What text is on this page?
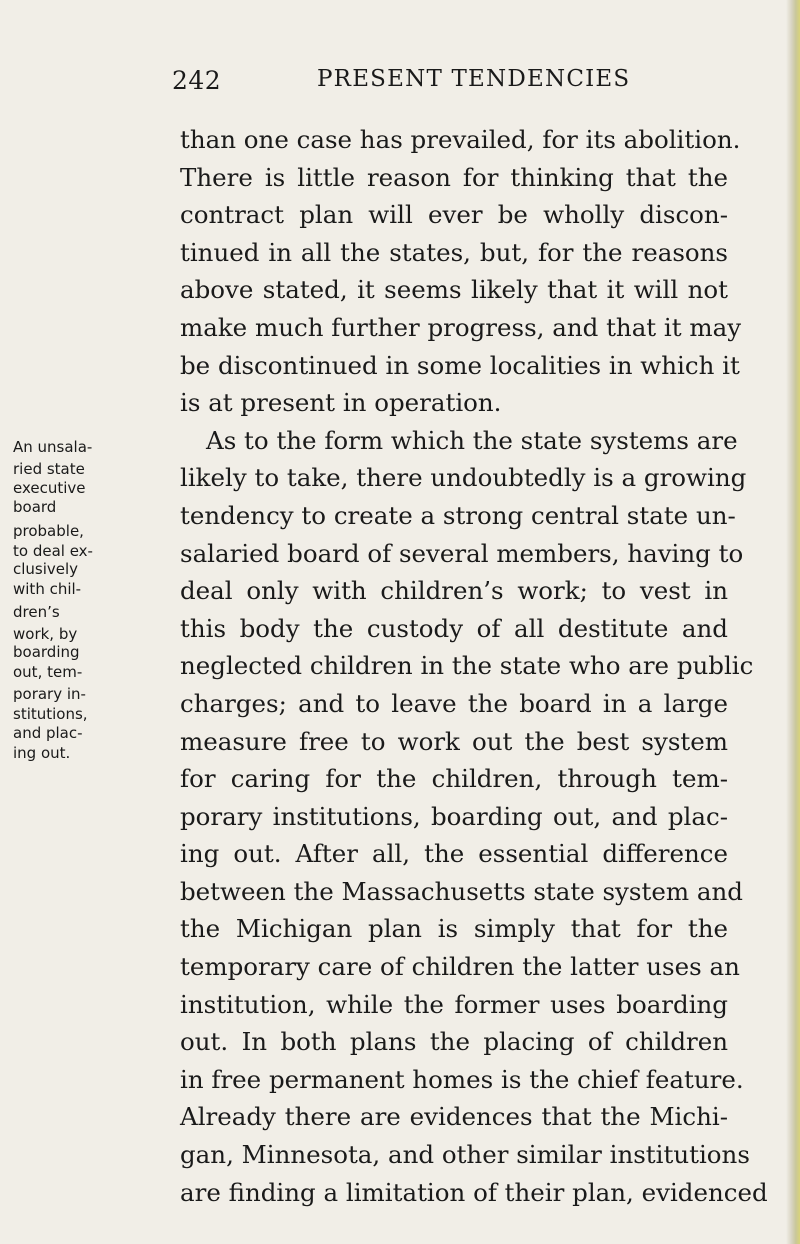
242	PRESENT TENDENCIES
An unsala-
ried state
executive
board
probable,
to deal ex-
clusively
with chil-
dren’s
work, by
boarding
out, tem-
porary in-
stitutions,
and plac-
ing out.
than one case has prevailed, for its abolition.
There is little reason for thinking that the
contract plan will ever be wholly discon-
tinued in all the states, but, for the reasons
above stated, it seems likely that it will not
make much further progress, and that it may
be discontinued in some localities in which it
is at present in operation.
As to the form which the state systems are
likely to take, there undoubtedly is a growing
tendency to create a strong central state un-
salaried board of several members, having to
deal only with children’s work; to vest in
this body the custody of all destitute and
neglected children in the state who are public
charges; and to leave the board in a large
measure free to work out the best system
for caring for the children, through tem-
porary institutions, boarding out, and plac-
ing out. After all, the essential difference
between the Massachusetts state system and
the Michigan plan is simply that for the
temporary care of children the latter uses an
institution, while the former uses boarding
out. In both plans the placing of children
in free permanent homes is the chief feature.
Already there are evidences that the Michi-
gan, Minnesota, and other similar institutions
are finding a limitation of their plan, evidenced
